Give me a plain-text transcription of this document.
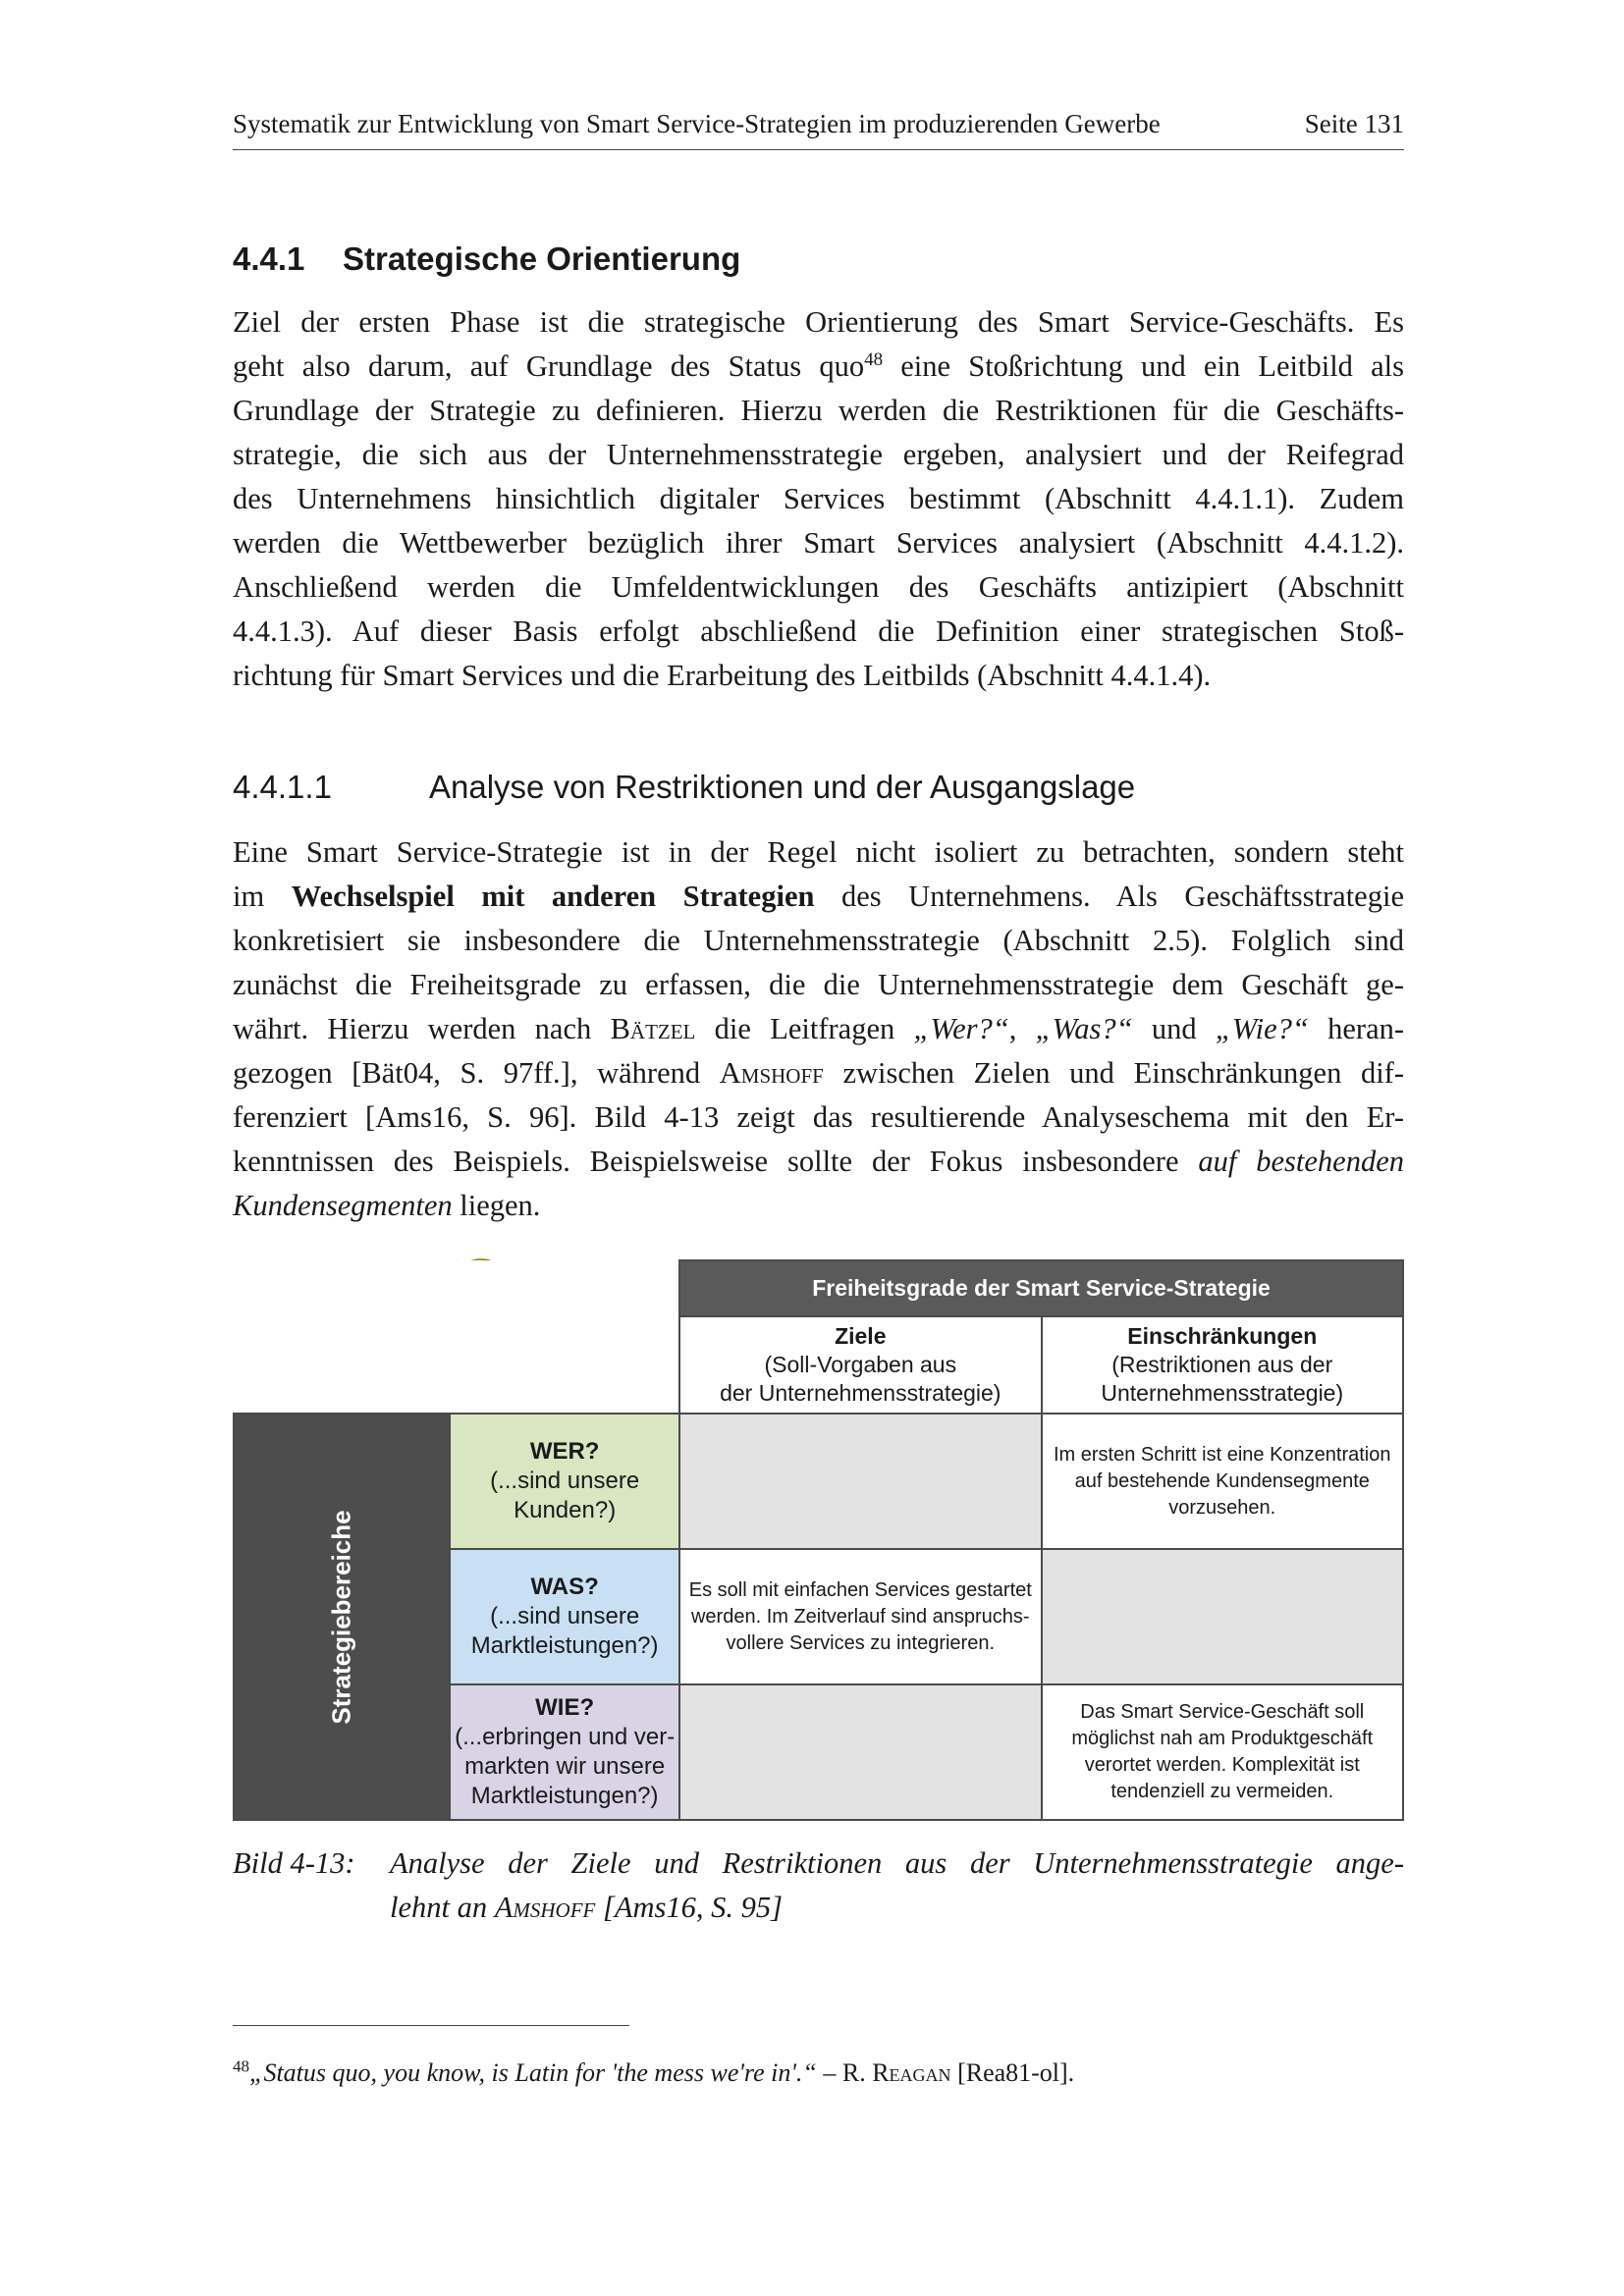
Systematik zur Entwicklung von Smart Service-Strategien im produzierenden Gewerbe	Seite 131
4.4.1 Strategische Orientierung
Ziel der ersten Phase ist die strategische Orientierung des Smart Service-Geschäfts. Es
geht also darum, auf Grundlage des Status quo$^{48}$ eine Stoßrichtung und ein Leitbild als
Grundlage der Strategie zu definieren. Hierzu werden die Restriktionen für die Geschäfts-
strategie, die sich aus der Unternehmensstrategie ergeben, analysiert und der Reifegrad
des Unternehmens hinsichtlich digitaler Services bestimmt (Abschnitt 4.4.1.1). Zudem
werden die Wettbewerber bezüglich ihrer Smart Services analysiert (Abschnitt 4.4.1.2).
Anschließend werden die Umfeldentwicklungen des Geschäfts antizipiert (Abschnitt
4.4.1.3). Auf dieser Basis erfolgt abschließend die Definition einer strategischen Stoß-
richtung für Smart Services und die Erarbeitung des Leitbilds (Abschnitt 4.4.1.4).
4.4.1.1	Analyse von Restriktionen und der Ausgangslage
Eine Smart Service-Strategie ist in der Regel nicht isoliert zu betrachten, sondern steht
im Wechselspiel mit anderen Strategien des Unternehmens. Als Geschäftsstrategie
konkretisiert sie insbesondere die Unternehmensstrategie (Abschnitt 2.5). Folglich sind
zunächst die Freiheitsgrade zu erfassen, die die Unternehmensstrategie dem Geschäft ge-
währt. Hierzu werden nach Bätzel die Leitfragen „Wer?“, „Was?“ und „Wie?“ heran-
gezogen [Bät04, S. 97ff.], während Amshoff zwischen Zielen und Einschränkungen dif-
ferenziert [Ams16, S. 96]. Bild 4-13 zeigt das resultierende Analyseschema mit den Er-
kenntnissen des Beispiels. Beispielsweise sollte der Fokus insbesondere auf bestehenden
Kundensegmenten liegen.
		Freiheitsgrade der Smart Service-Strategie	
		Ziele
(Soll-Vorgaben aus
der Unternehmensstrategie)	Einschränkungen
(Restriktionen aus der
Unternehmensstrategie)

Strategiebereiche	WER?
(...sind unsere
Kunden?)		Im ersten Schritt ist eine Konzentration
auf bestehende Kundensegmente
vorzusehen.
	WAS?
(...sind unsere
Marktleistungen?)	Es soll mit einfachen Services gestartet
werden. Im Zeitverlauf sind anspruchs-
vollere Services zu integrieren.	
	WIE?
(...erbringen und ver-
markten wir unsere
Marktleistungen?)		Das Smart Service-Geschäft soll
möglichst nah am Produktgeschäft
verortet werden. Komplexität ist
tendenziell zu vermeiden.
Bild 4-13: Analyse der Ziele und Restriktionen aus der Unternehmensstrategie ange-
lehnt an Amshoff [Ams16, S. 95]
$^{48}$„Status quo, you know, is Latin for 'the mess we're in'.“ – R. Reagan [Rea81-ol].
